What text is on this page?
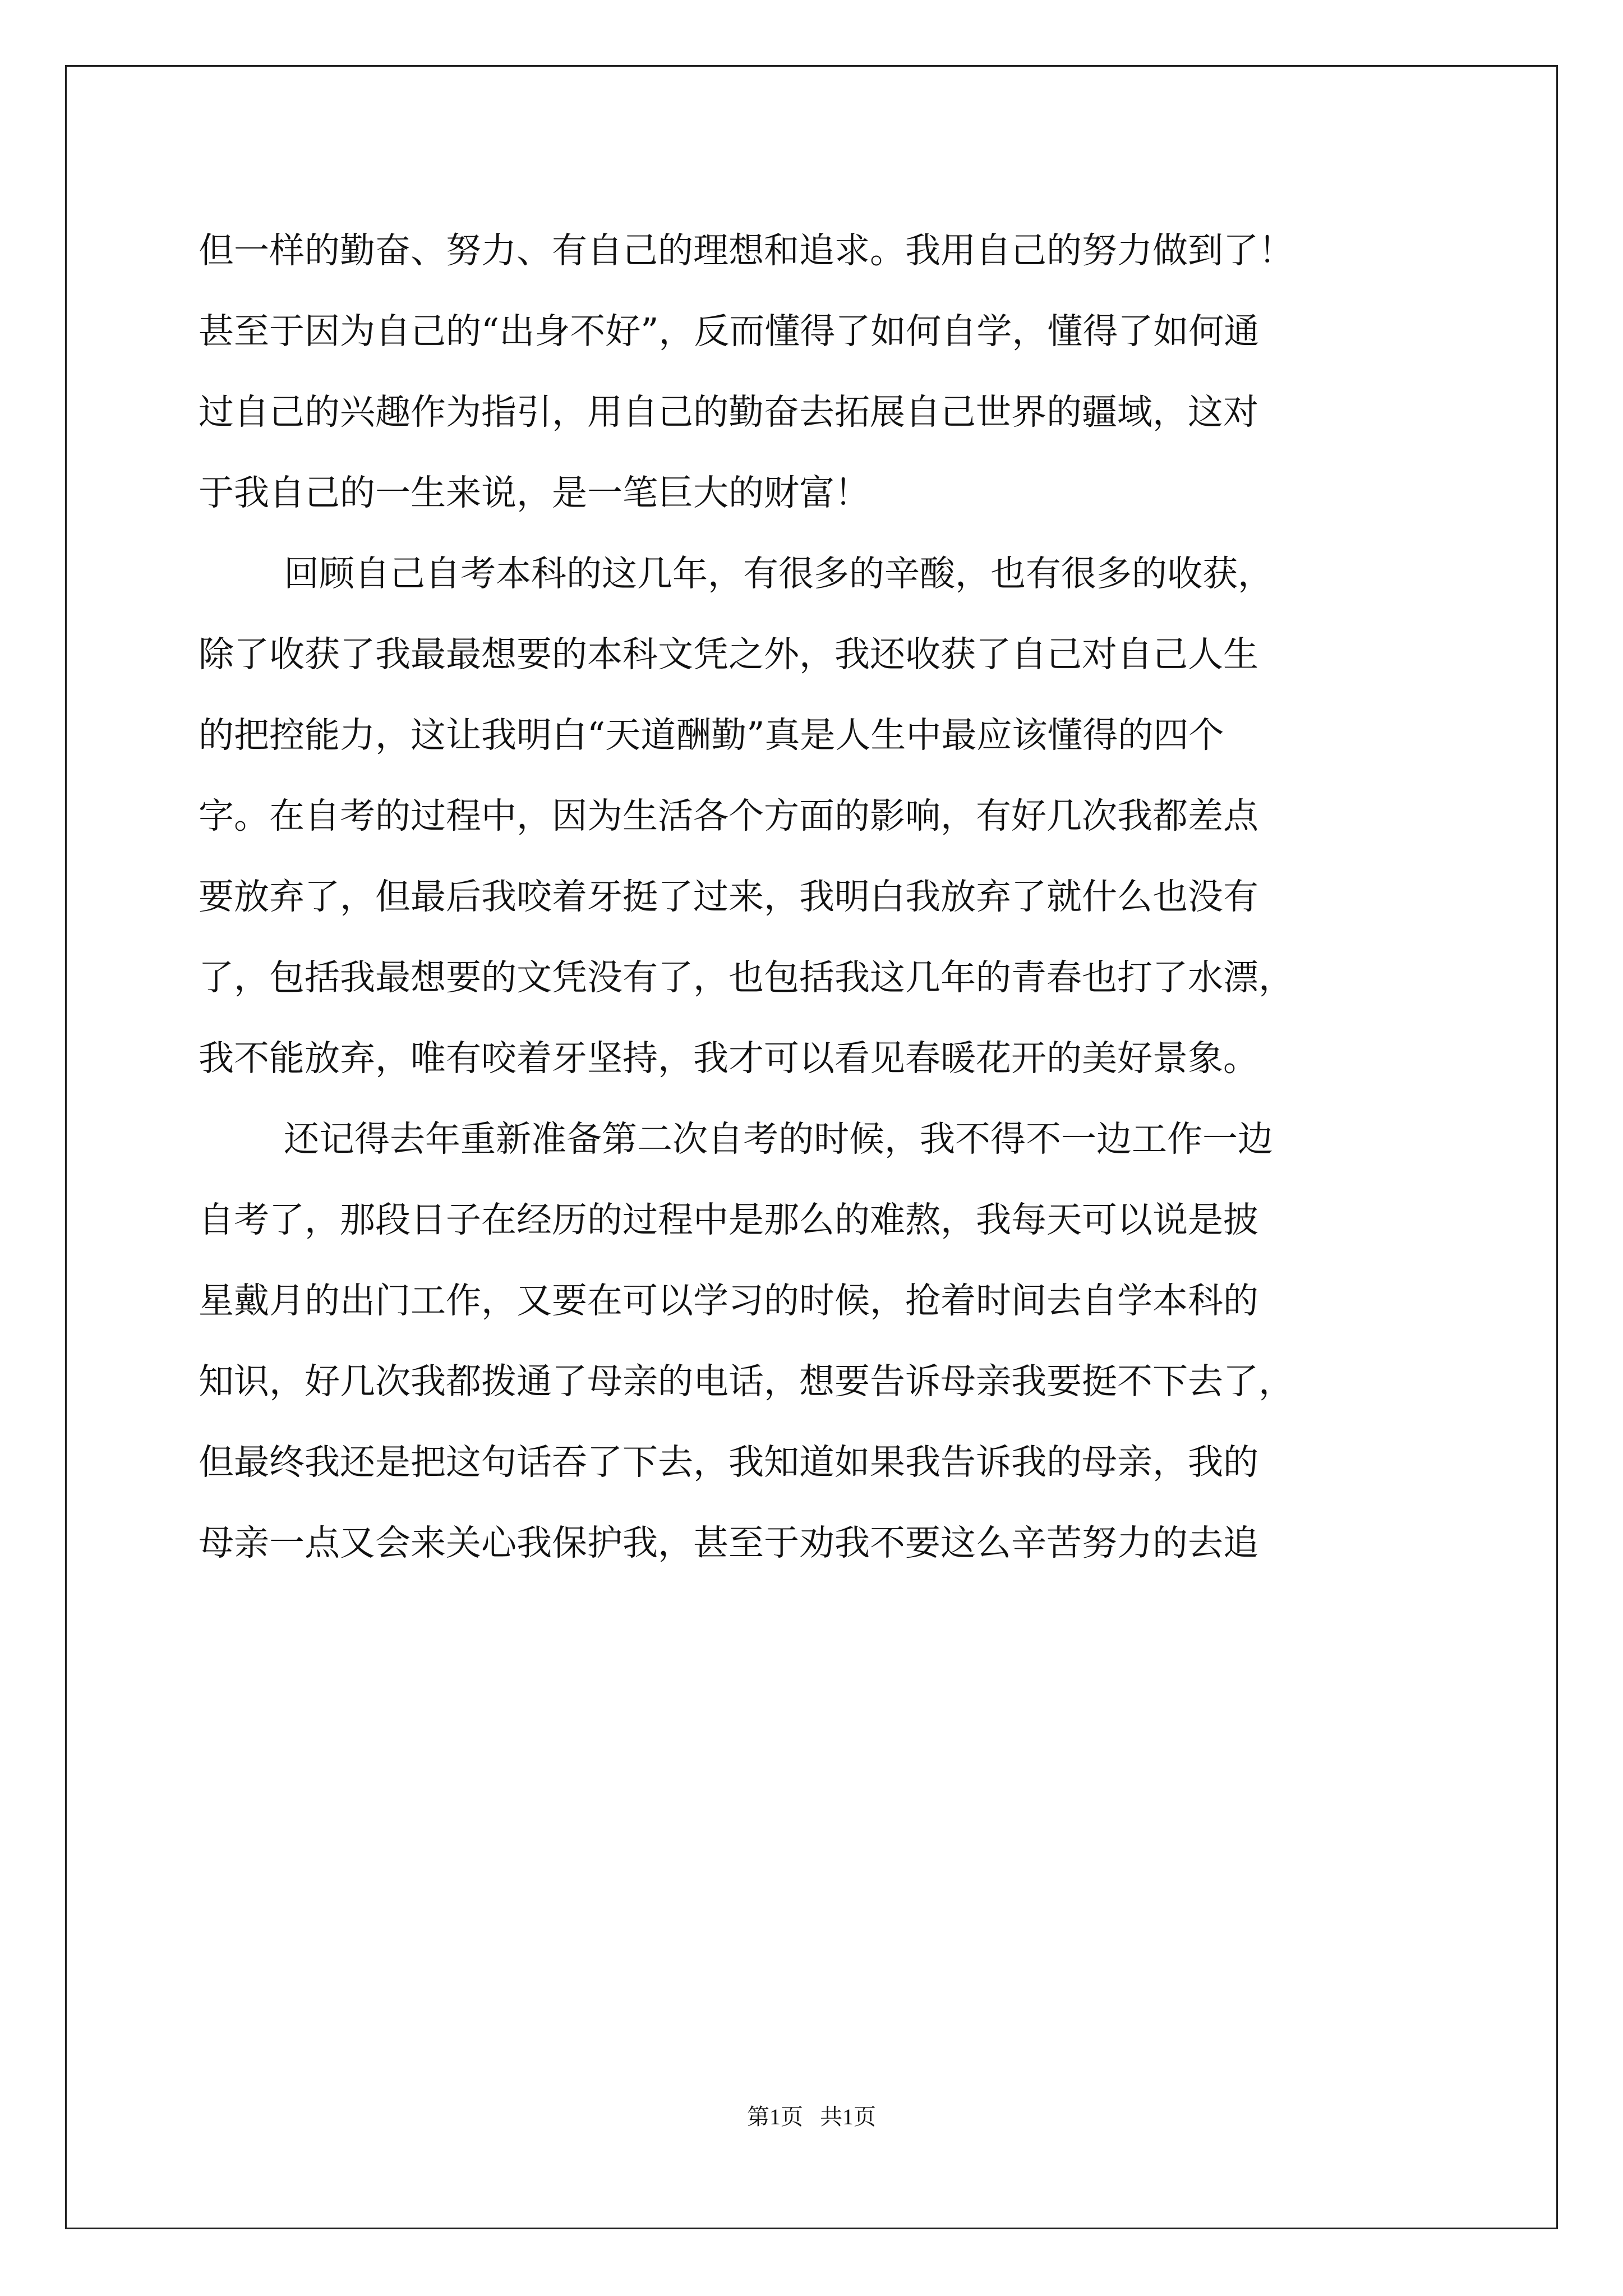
但一样的勤奋、努力、有自己的理想和追求。我用自己的努力做到了！
甚至于因为自己的“出身不好”，反而懂得了如何自学，懂得了如何通
过自己的兴趣作为指引，用自己的勤奋去拓展自己世界的疆域，这对
于我自己的一生来说，是一笔巨大的财富！
回顾自己自考本科的这几年，有很多的辛酸，也有很多的收获，
除了收获了我最最想要的本科文凭之外，我还收获了自己对自己人生
的把控能力，这让我明白“天道酬勤”真是人生中最应该懂得的四个
字。在自考的过程中，因为生活各个方面的影响，有好几次我都差点
要放弃了，但最后我咬着牙挺了过来，我明白我放弃了就什么也没有
了，包括我最想要的文凭没有了，也包括我这几年的青春也打了水漂，
我不能放弃，唯有咬着牙坚持，我才可以看见春暖花开的美好景象。
还记得去年重新准备第二次自考的时候，我不得不一边工作一边
自考了，那段日子在经历的过程中是那么的难熬，我每天可以说是披
星戴月的出门工作，又要在可以学习的时候，抢着时间去自学本科的
知识，好几次我都拨通了母亲的电话，想要告诉母亲我要挺不下去了，
但最终我还是把这句话吞了下去，我知道如果我告诉我的母亲，我的
母亲一点又会来关心我保护我，甚至于劝我不要这么辛苦努力的去追
第1页   共1页
